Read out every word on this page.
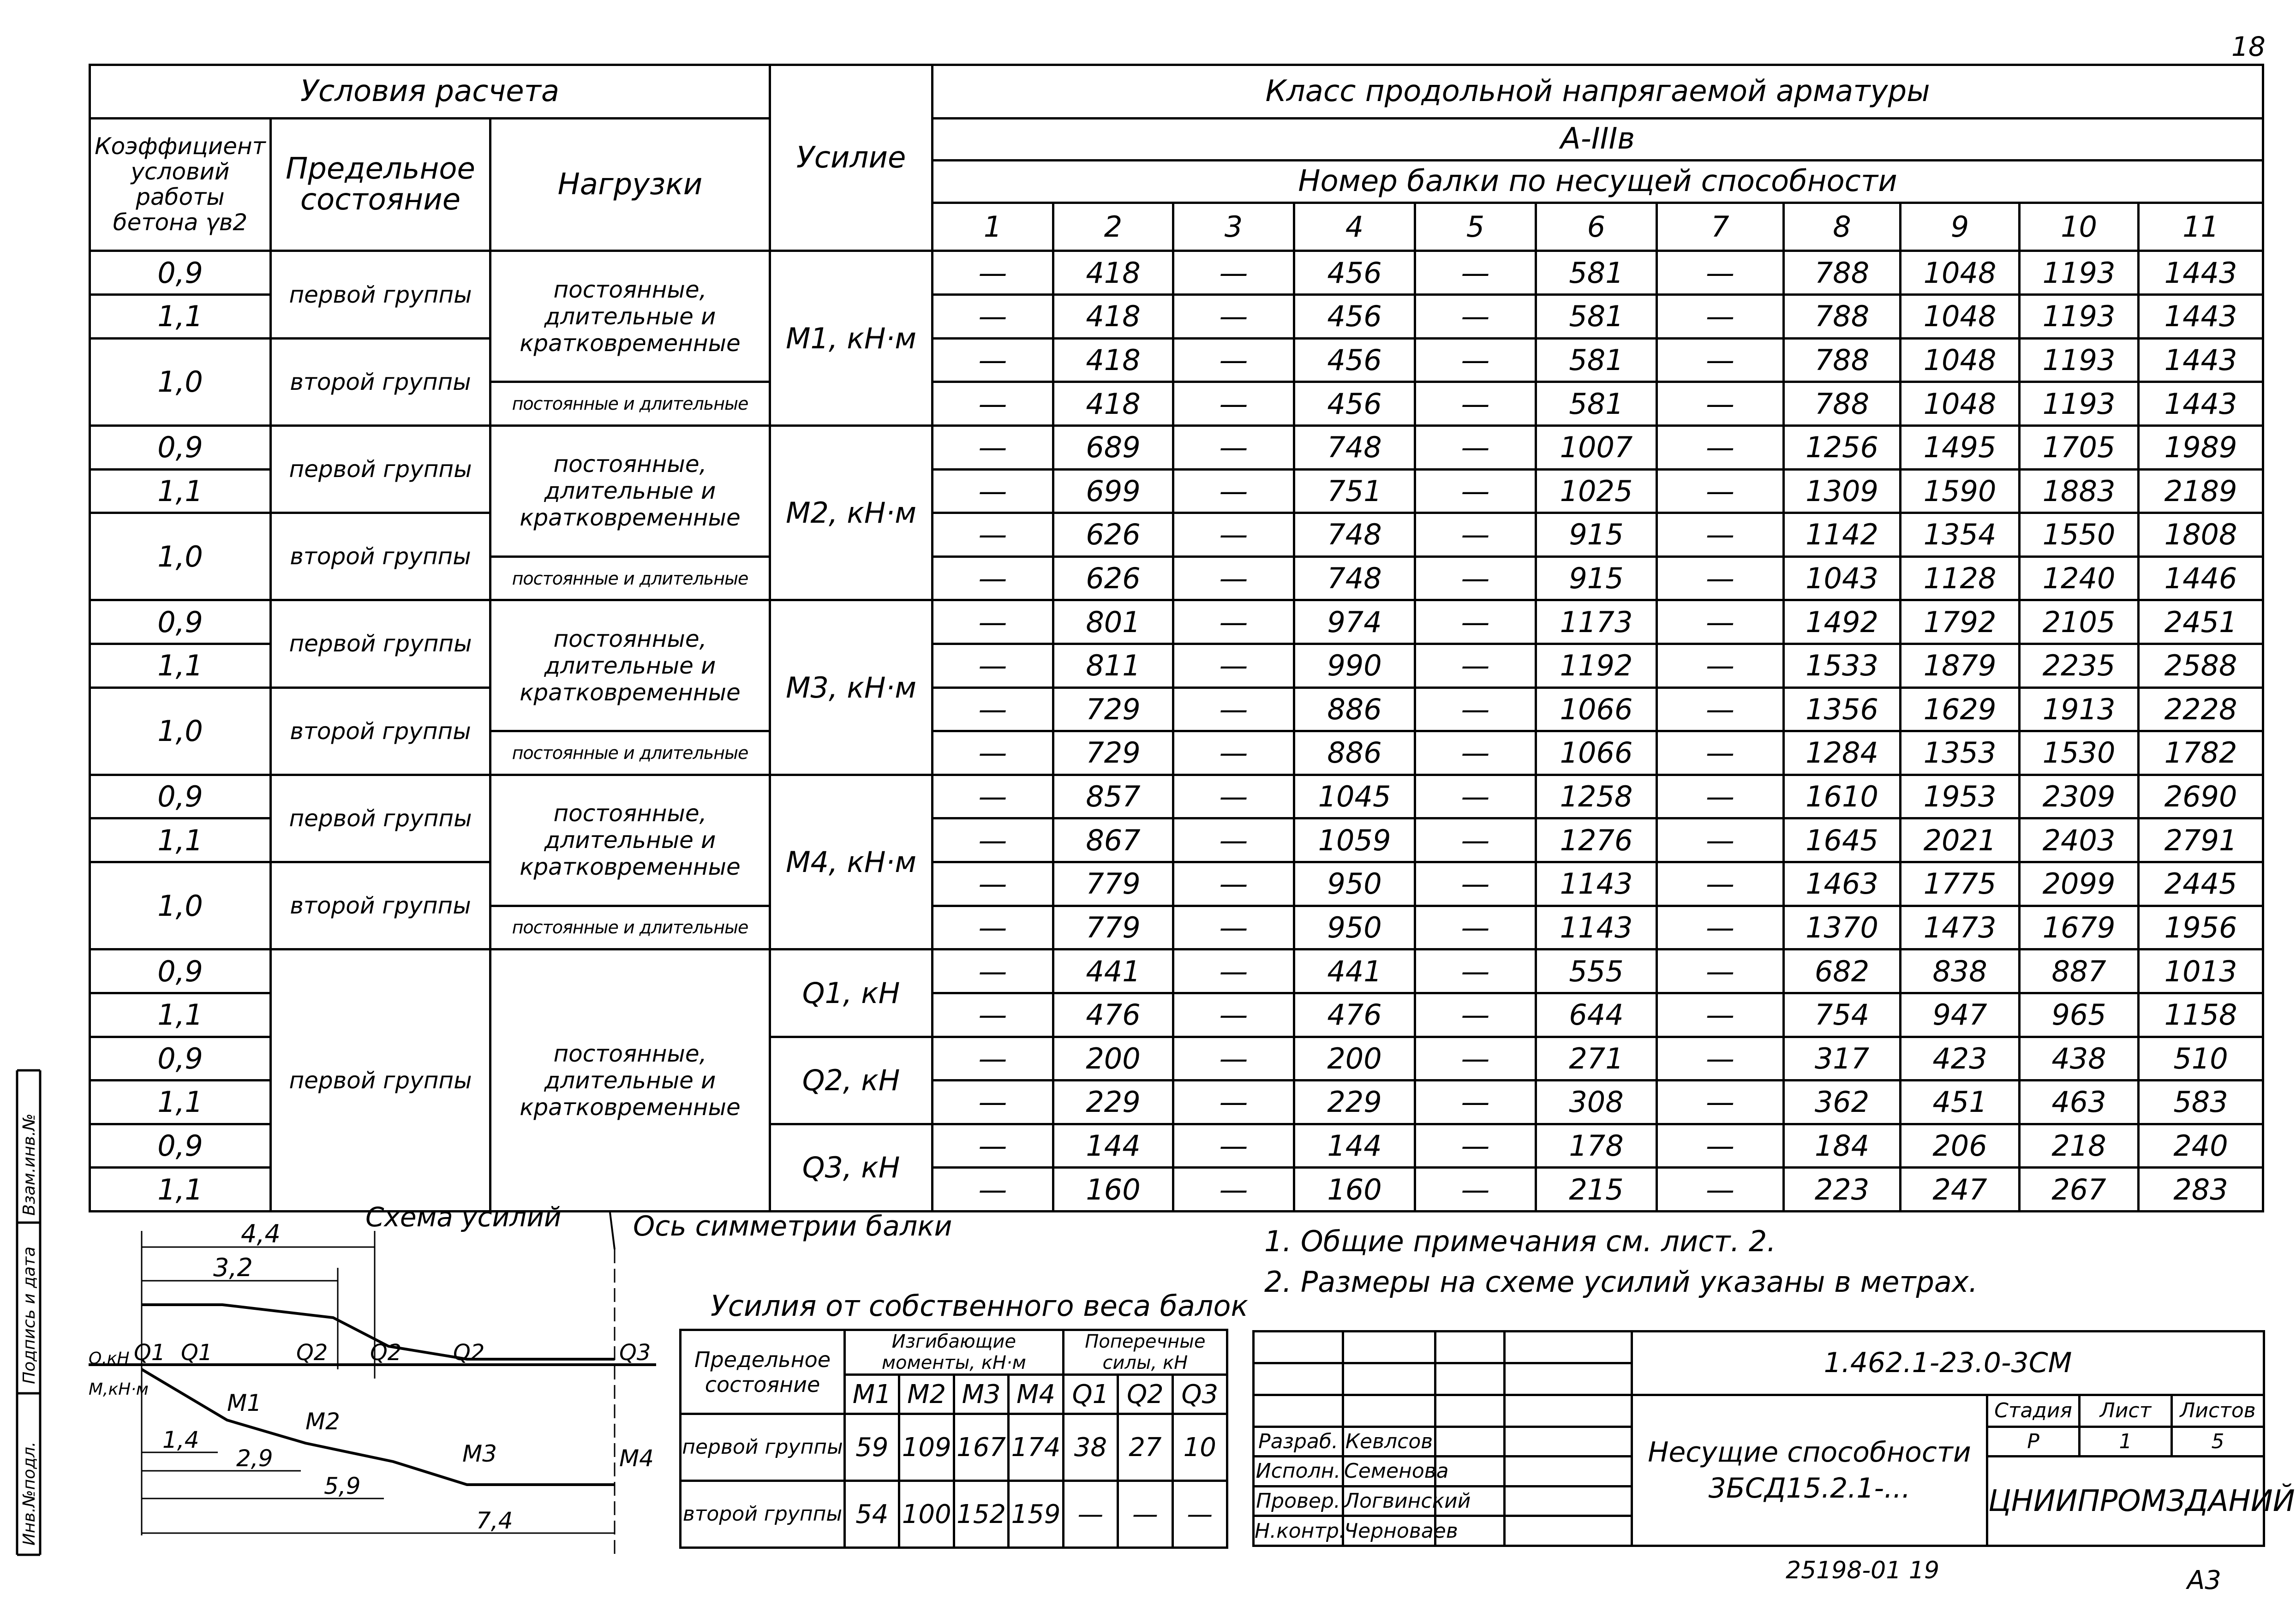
18
Инв.№подл.
Подпись и дата
Взам.инв.№
Условия расчета			Усилие	Класс продольной напрягаемой арматуры										
Коэффициент условий работы бетона γв2	Предельное состояние	Нагрузки		А-IIIв										
				Номер балки по несущей способности										
				1	2	3	4	5	6	7	8	9	10	11
0,9	первой группы	постоянные, длительные и кратковременные	M1, кН·м	—	418	—	456	—	581	—	788	1048	1193	1443
1,1				—	418	—	456	—	581	—	788	1048	1193	1443
1,0	второй группы			—	418	—	456	—	581	—	788	1048	1193	1443
		постоянные и длительные		—	418	—	456	—	581	—	788	1048	1193	1443
0,9	первой группы	постоянные, длительные и кратковременные	M2, кН·м	—	689	—	748	—	1007	—	1256	1495	1705	1989
1,1				—	699	—	751	—	1025	—	1309	1590	1883	2189
1,0	второй группы			—	626	—	748	—	915	—	1142	1354	1550	1808
		постоянные и длительные		—	626	—	748	—	915	—	1043	1128	1240	1446
0,9	первой группы	постоянные, длительные и кратковременные	M3, кН·м	—	801	—	974	—	1173	—	1492	1792	2105	2451
1,1				—	811	—	990	—	1192	—	1533	1879	2235	2588
1,0	второй группы			—	729	—	886	—	1066	—	1356	1629	1913	2228
		постоянные и длительные		—	729	—	886	—	1066	—	1284	1353	1530	1782
0,9	первой группы	постоянные, длительные и кратковременные	M4, кН·м	—	857	—	1045	—	1258	—	1610	1953	2309	2690
1,1				—	867	—	1059	—	1276	—	1645	2021	2403	2791
1,0	второй группы			—	779	—	950	—	1143	—	1463	1775	2099	2445
		постоянные и длительные		—	779	—	950	—	1143	—	1370	1473	1679	1956
0,9	первой группы	постоянные, длительные и кратковременные	Q1, кН	—	441	—	441	—	555	—	682	838	887	1013
1,1				—	476	—	476	—	644	—	754	947	965	1158
0,9			Q2, кН	—	200	—	200	—	271	—	317	423	438	510
1,1				—	229	—	229	—	308	—	362	451	463	583
0,9			Q3, кН	—	144	—	144	—	178	—	184	206	218	240
1,1				—	160	—	160	—	215	—	223	247	267	283
Схема усилий	Ось симметрии балки
4,4
3,2
Q,кН Q1 Q1	Q2 Q2 Q2	Q3
M,кН·м
M1
M2
M3	M4
1,4
2,9
5,9
7,4
1. Общие примечания см. лист. 2.
2. Размеры на схеме усилий указаны в метрах.
Усилия от собственного веса балок
Предельное состояние	Изгибающие моменты, кН·м				Поперечные силы, кН		
	M1	M2	M3	M4	Q1	Q2	Q3
первой группы	59	109	167	174	38	27	10
второй группы	54	100	152	159	—	—	—
				1.462.1-23.0-3СМ			

				Несущие способности 3БСД15.2.1-...	Стадия	Лист	Листов
Разраб.	Кевлсов				Р	1	5
Исполн.	Семенова				ЦНИИПРОМЗДАНИЙ		
Провер.	Логвинский						
Н.контр.	Черноваев						
25198-01 19	А3
